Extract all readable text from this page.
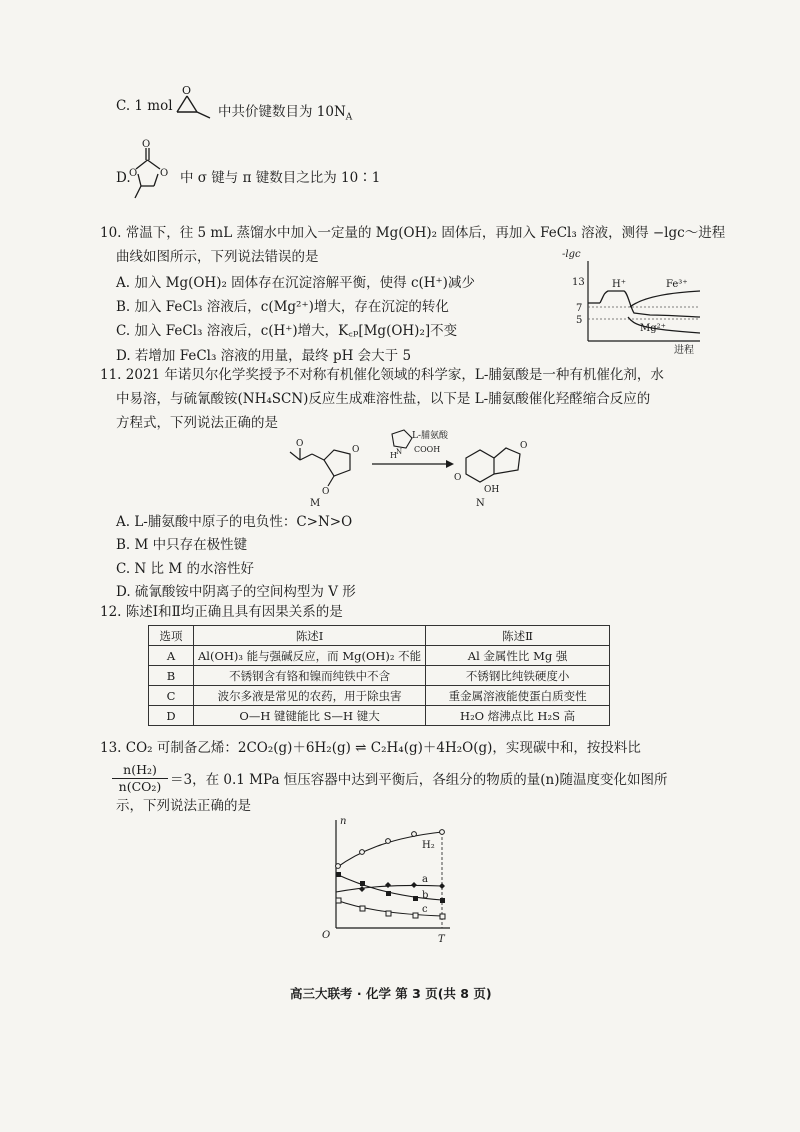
C. 1 mol
O
中共价键数目为 $10N_A$
D.
O
O O 中 σ 键与 π 键数目之比为 10∶1
10. 常温下，往 5 mL 蒸馏水中加入一定量的 Mg(OH)₂ 固体后，再加入 FeCl₃ 溶液，测得 −lgc～进程
曲线如图所示，下列说法错误的是
A. 加入 Mg(OH)₂ 固体存在沉淀溶解平衡，使得 c(H⁺)减少
B. 加入 FeCl₃ 溶液后，c(Mg²⁺)增大，存在沉淀的转化
C. 加入 FeCl₃ 溶液后，c(H⁺)增大，K꜀ₚ[Mg(OH)₂]不变
D. 若增加 FeCl₃ 溶液的用量，最终 pH 会大于 5
-lgc
13
7
5
H⁺	Fe³⁺
Mg²⁺
进程
11. 2021 年诺贝尔化学奖授予不对称有机催化领域的科学家，L-脯氨酸是一种有机催化剂，水
中易溶，与硫氰酸铵(NH₄SCN)反应生成难溶性盐，以下是 L-脯氨酸催化羟醛缩合反应的
方程式，下列说法正确的是
O
O
O
M
L-脯氨酸
COOH
H N
O
O
OH
N
A. L-脯氨酸中原子的电负性：C>N>O
B. M 中只存在极性键
C. N 比 M 的水溶性好
D. 硫氰酸铵中阴离子的空间构型为 V 形
12. 陈述Ⅰ和Ⅱ均正确且具有因果关系的是
选项	陈述Ⅰ	陈述Ⅱ
A	Al(OH)₃ 能与强碱反应，而 Mg(OH)₂ 不能	Al 金属性比 Mg 强
B	不锈钢含有铬和镍而纯铁中不含	不锈钢比纯铁硬度小
C	波尔多液是常见的农药，用于除虫害	重金属溶液能使蛋白质变性
D	O—H 键键能比 S—H 键大	H₂O 熔沸点比 H₂S 高
13. CO₂ 可制备乙烯：2CO₂(g)＋6H₂(g) ⇌ C₂H₄(g)＋4H₂O(g)，实现碳中和，按投料比
$\frac{\text{n(H₂)}}{\text{n(CO₂)}} =3$，在 0.1 MPa 恒压容器中达到平衡后，各组分的物质的量(n)随温度变化如图所
示，下列说法正确的是
n
O	T
H₂
a
b
c
高三大联考 · 化学 第 3 页(共 8 页)
